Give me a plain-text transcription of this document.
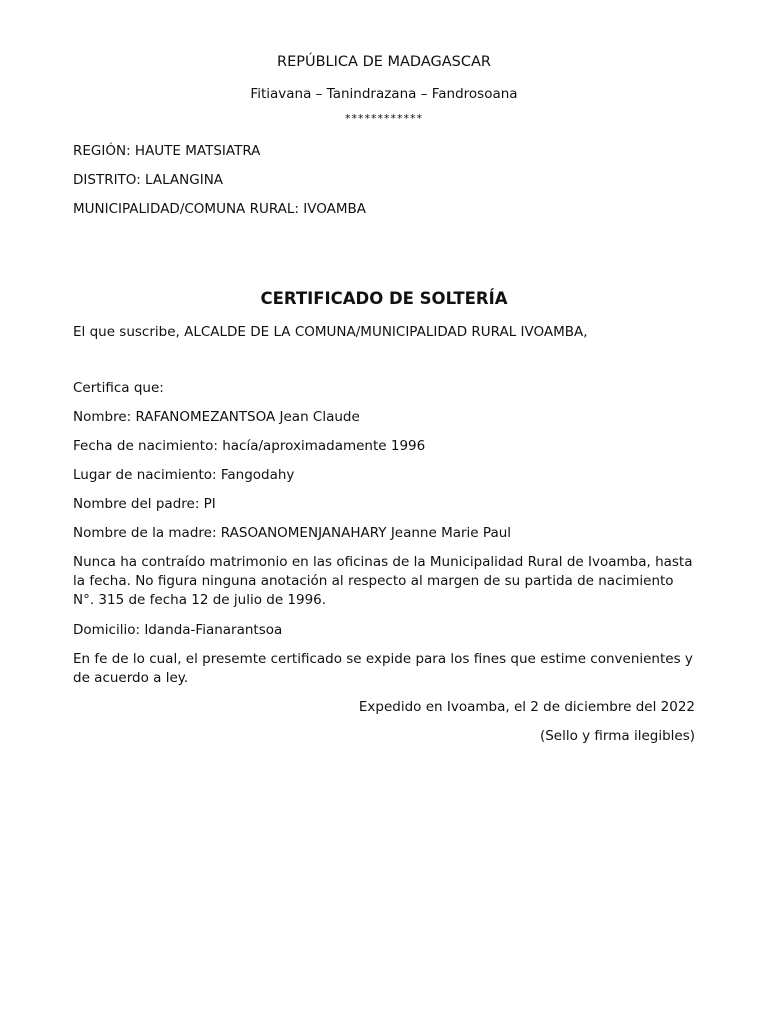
REPÚBLICA DE MADAGASCAR
Fitiavana – Tanindrazana – Fandrosoana
************
REGIÓN: HAUTE MATSIATRA
DISTRITO: LALANGINA
MUNICIPALIDAD/COMUNA RURAL: IVOAMBA
CERTIFICADO DE SOLTERÍA
El que suscribe, ALCALDE DE LA COMUNA/MUNICIPALIDAD RURAL IVOAMBA,
Certifica que:
Nombre: RAFANOMEZANTSOA Jean Claude
Fecha de nacimiento: hacía/aproximadamente 1996
Lugar de nacimiento: Fangodahy
Nombre del padre: PI
Nombre de la madre: RASOANOMENJANAHARY Jeanne Marie Paul
Nunca ha contraído matrimonio en las oficinas de la Municipalidad Rural de Ivoamba, hasta la fecha. No figura ninguna anotación al respecto al margen de su partida de nacimiento N°. 315 de fecha 12 de julio de 1996.
Domicilio: Idanda-Fianarantsoa
En fe de lo cual, el presemte certificado se expide para los fines que estime convenientes y de acuerdo a ley.
Expedido en Ivoamba, el 2 de diciembre del 2022
(Sello y firma ilegibles)
